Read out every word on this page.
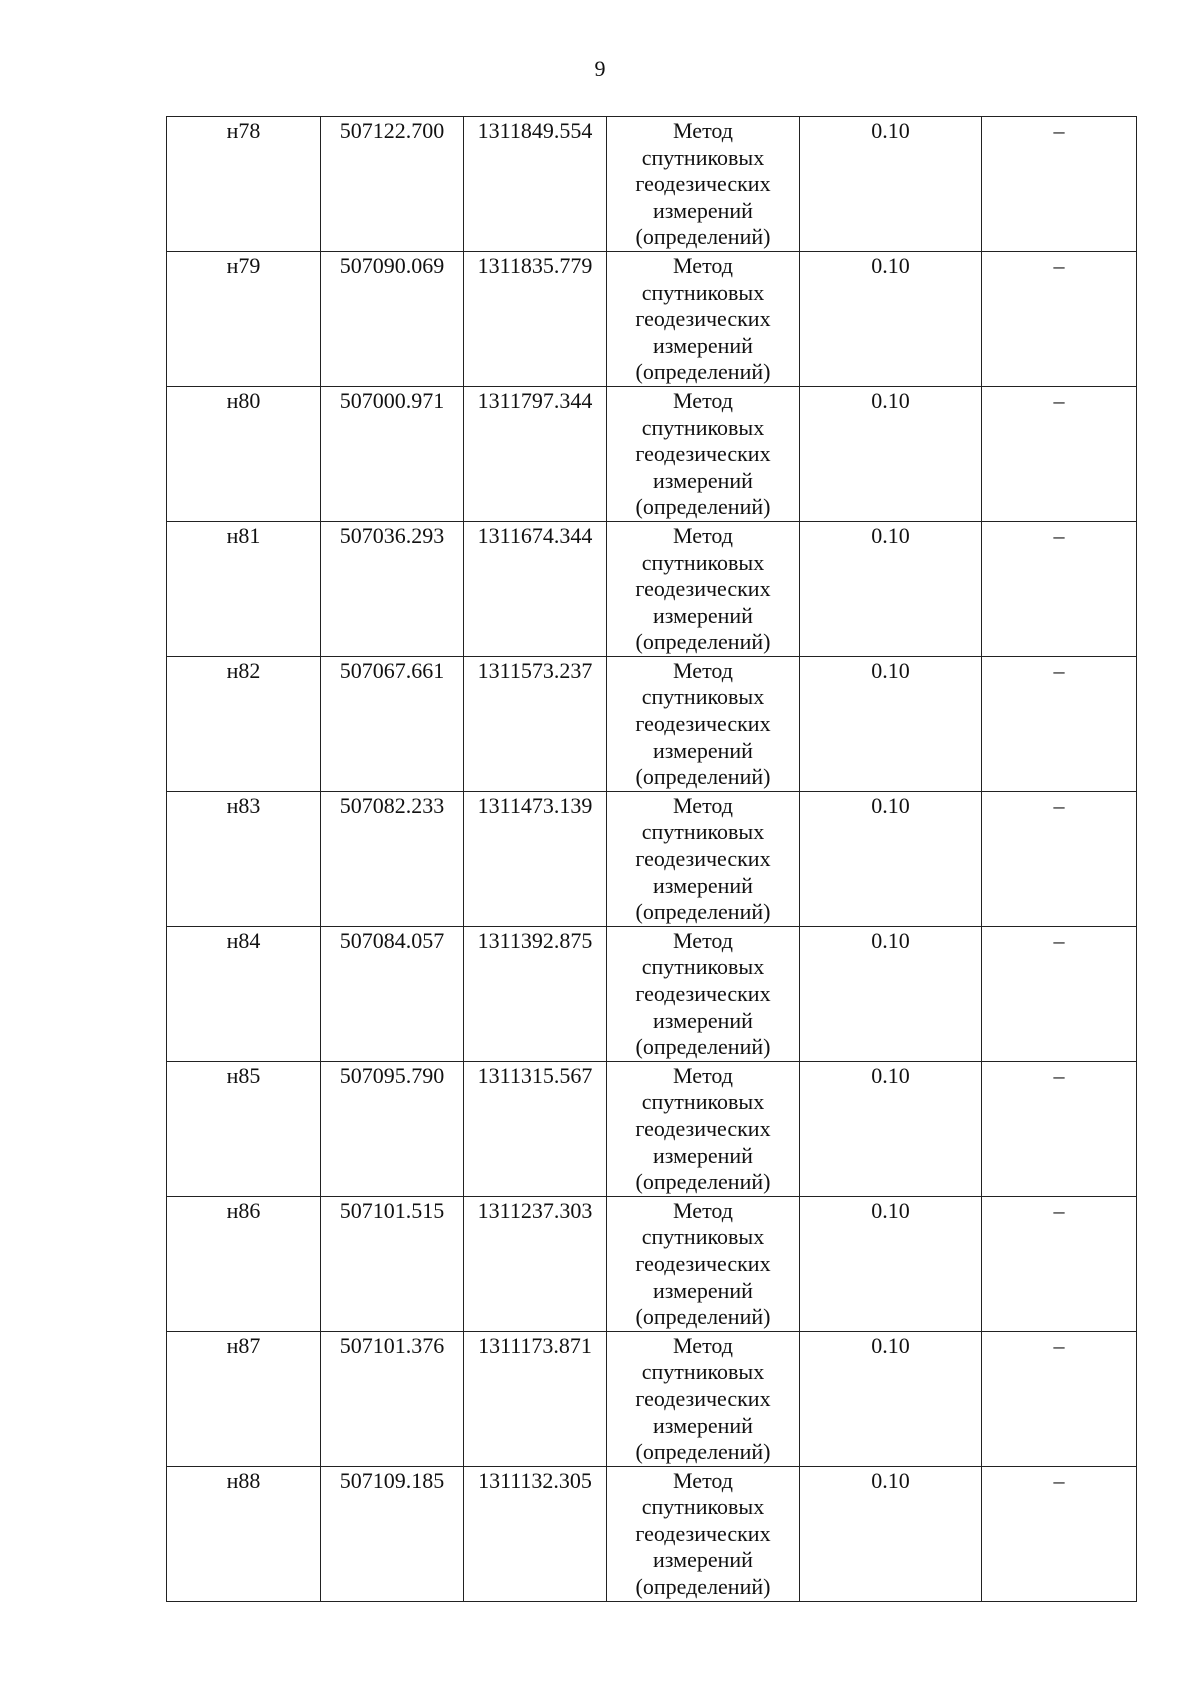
9
н78	507122.700	1311849.554	Метод
спутниковых
геодезических
измерений
(определений)	0.10	–
н79	507090.069	1311835.779	Метод
спутниковых
геодезических
измерений
(определений)	0.10	–
н80	507000.971	1311797.344	Метод
спутниковых
геодезических
измерений
(определений)	0.10	–
н81	507036.293	1311674.344	Метод
спутниковых
геодезических
измерений
(определений)	0.10	–
н82	507067.661	1311573.237	Метод
спутниковых
геодезических
измерений
(определений)	0.10	–
н83	507082.233	1311473.139	Метод
спутниковых
геодезических
измерений
(определений)	0.10	–
н84	507084.057	1311392.875	Метод
спутниковых
геодезических
измерений
(определений)	0.10	–
н85	507095.790	1311315.567	Метод
спутниковых
геодезических
измерений
(определений)	0.10	–
н86	507101.515	1311237.303	Метод
спутниковых
геодезических
измерений
(определений)	0.10	–
н87	507101.376	1311173.871	Метод
спутниковых
геодезических
измерений
(определений)	0.10	–
н88	507109.185	1311132.305	Метод
спутниковых
геодезических
измерений
(определений)	0.10	–
